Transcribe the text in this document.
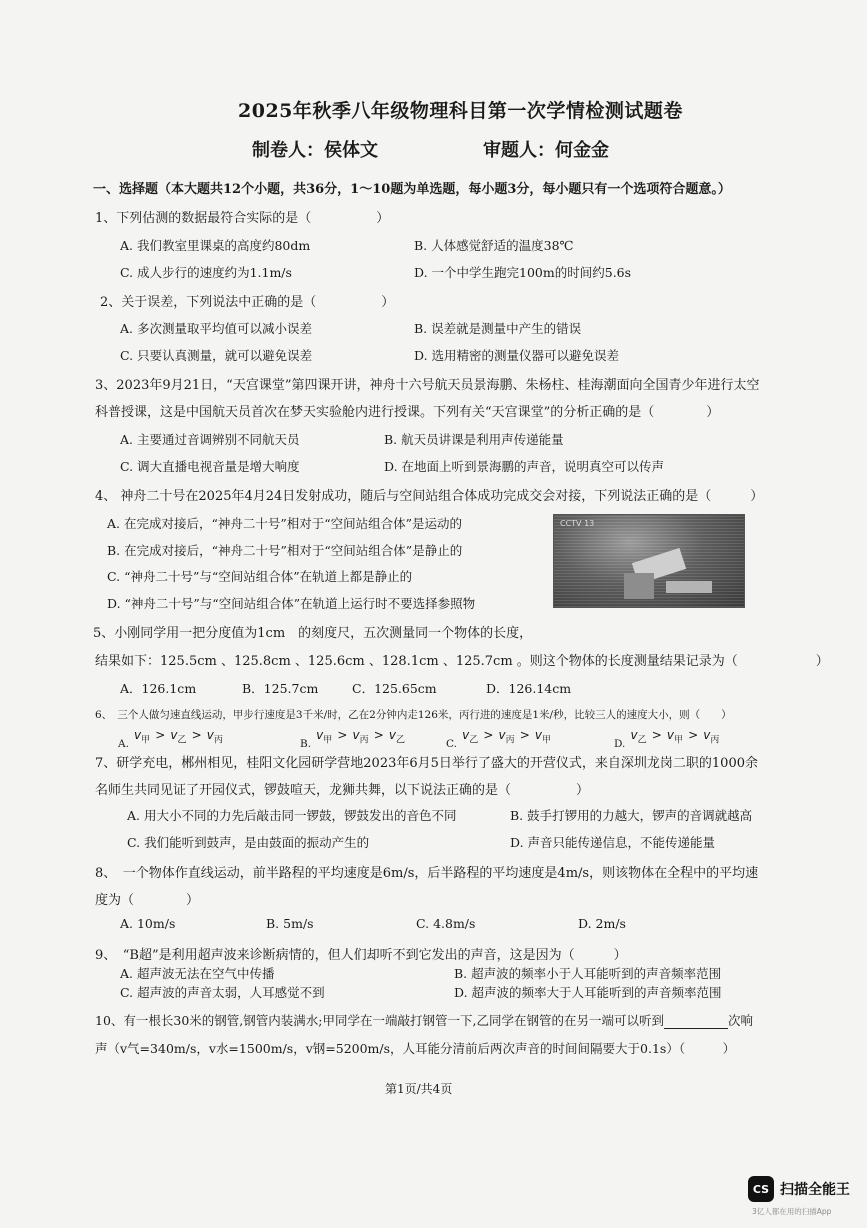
2025年秋季八年级物理科目第一次学情检测试题卷
制卷人：侯体文	审题人：何金金
一、选择题（本大题共12个小题，共36分，1～10题为单选题，每小题3分，每小题只有一个选项符合题意。）
1、下列估测的数据最符合实际的是（　　　　　）
A. 我们教室里课桌的高度约80dm	B. 人体感觉舒适的温度38℃
C. 成人步行的速度约为1.1m/s	D. 一个中学生跑完100m的时间约5.6s
2、关于误差，下列说法中正确的是（　　　　　）
A. 多次测量取平均值可以减小误差	B. 误差就是测量中产生的错误
C. 只要认真测量，就可以避免误差	D. 选用精密的测量仪器可以避免误差
3、2023年9月21日，“天宫课堂”第四课开讲，神舟十六号航天员景海鹏、朱杨柱、桂海潮面向全国青少年进行太空
科普授课，这是中国航天员首次在梦天实验舱内进行授课。下列有关“天宫课堂”的分析正确的是（　　　　）
A. 主要通过音调辨别不同航天员	B. 航天员讲课是利用声传递能量
C. 调大直播电视音量是增大响度	D. 在地面上听到景海鹏的声音，说明真空可以传声
4、 神舟二十号在2025年4月24日发射成功，随后与空间站组合体成功完成交会对接，下列说法正确的是（　　　）
A. 在完成对接后，“神舟二十号”相对于“空间站组合体”是运动的
B. 在完成对接后，“神舟二十号”相对于“空间站组合体”是静止的
C. “神舟二十号”与“空间站组合体”在轨道上都是静止的
D. “神舟二十号”与“空间站组合体”在轨道上运行时不要选择参照物
CCTV 13
5、小刚同学用一把分度值为1cm　的刻度尺，五次测量同一个物体的长度，
结果如下：125.5cm 、125.8cm 、125.6cm 、128.1cm 、125.7cm 。则这个物体的长度测量结果记录为（　　　　　　）
A．126.1cm	B．125.7cm	C．125.65cm	D．126.14cm
6、　三个人做匀速直线运动，甲步行速度是3千米/时，乙在2分钟内走126米，丙行进的速度是1米/秒，比较三人的速度大小，则（　　）
$_{A.}$ $v_甲 > v_乙 > v_丙$	$_{B.}$ $v_甲 > v_丙 > v_乙$	$_{C.}$ $v_乙 > v_丙 > v_甲$	$_{D.}$ $v_乙 > v_甲 > v_丙$
7、研学充电，郴州相见，桂阳文化园研学营地2023年6月5日举行了盛大的开营仪式，来自深圳龙岗二职的1000余
名师生共同见证了开园仪式，锣鼓喧天，龙狮共舞，以下说法正确的是（　　　　　）
A. 用大小不同的力先后敲击同一锣鼓，锣鼓发出的音色不同	B. 鼓手打锣用的力越大，锣声的音调就越高
C. 我们能听到鼓声，是由鼓面的振动产生的	D. 声音只能传递信息，不能传递能量
8、　一个物体作直线运动，前半路程的平均速度是6m/s，后半路程的平均速度是4m/s，则该物体在全程中的平均速
度为（　　　　）
A. 10m/s	B. 5m/s	C. 4.8m/s	D. 2m/s
9、　“B超”是利用超声波来诊断病情的，但人们却听不到它发出的声音，这是因为（　　　）
A. 超声波无法在空气中传播	B. 超声波的频率小于人耳能听到的声音频率范围
C. 超声波的声音太弱，人耳感觉不到	D. 超声波的频率大于人耳能听到的声音频率范围
10、有一根长30米的钢管,钢管内装满水;甲同学在一端敲打钢管一下,乙同学在钢管的在另一端可以听到	次响
声（v气=340m/s，v水=1500m/s，v钢=5200m/s，人耳能分清前后两次声音的时间间隔要大于0.1s）（　　　）
第1页/共4页
CS 扫描全能王
3亿人都在用的扫描App
